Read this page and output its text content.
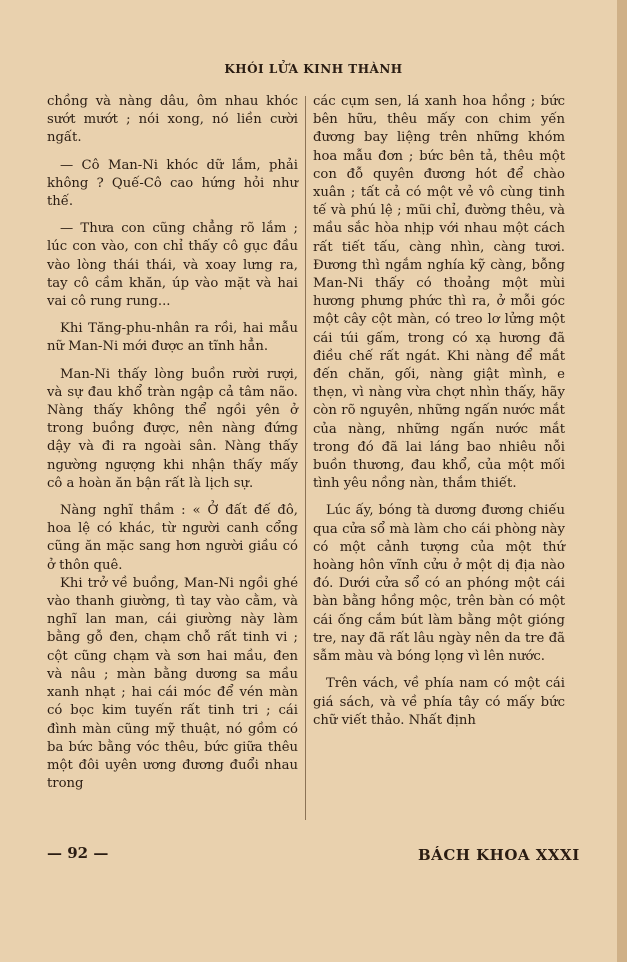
KHÓI LỬA KINH THÀNH

chồng và nàng dâu, ôm nhau khóc sướt mướt ; nói xong, nó liền cười ngất.

— Cô Man-Ni khóc dữ lắm, phải không ? Quế-Cô cao hứng hỏi như thế.

— Thưa con cũng chẳng rõ lắm ; lúc con vào, con chỉ thấy cô gục đầu vào lòng thái thái, và xoay lưng ra, tay cô cầm khăn, úp vào mặt và hai vai cô rung rung...

Khi Tăng-phu-nhân ra rồi, hai mẫu nữ Man-Ni mới được an tĩnh hẳn.

Man-Ni thấy lòng buồn rười rượi, và sự đau khổ tràn ngập cả tâm não. Nàng thấy không thể ngồi yên ở trong buồng được, nên nàng đứng dậy và đi ra ngoài sân. Nàng thấy ngường ngượng khi nhận thấy mấy cô a hoàn ăn bận rất là lịch sự.

Nàng nghĩ thầm : « Ở đất đế đô, hoa lệ có khác, từ người canh cổng cũng ăn mặc sang hơn người giầu có ở thôn quê.

Khi trở về buồng, Man-Ni ngồi ghé vào thanh giường, tì tay vào cằm, và nghĩ lan man, cái giường này làm bằng gỗ đen, chạm chỗ rất tinh vi ; cột cũng chạm và sơn hai mầu, đen và nâu ; màn bằng dương sa mầu xanh nhạt ; hai cái móc để vén màn có bọc kim tuyến rất tinh tri ; cái đình màn cũng mỹ thuật, nó gồm có ba bức bằng vóc thêu, bức giữa thêu một đôi uyên ương đương đuổi nhau trong

các cụm sen, lá xanh hoa hồng ; bức bên hữu, thêu mấy con chim yến đương bay liệng trên những khóm hoa mẫu đơn ; bức bên tả, thêu một con đỗ quyên đương hót để chào xuân ; tất cả có một vẻ vô cùng tinh tế và phú lệ ; mũi chỉ, đường thêu, và mầu sắc hòa nhịp với nhau một cách rất tiết tấu, càng nhìn, càng tươi. Đương thì ngắm nghía kỹ càng, bỗng Man-Ni thấy có thoảng một mùi hương phưng phức thì ra, ở mỗi góc một cây cột màn, có treo lơ lửng một cái túi gấm, trong có xạ hương đã điều chế rất ngát. Khi nàng để mắt đến chăn, gối, nàng giật mình, e thẹn, vì nàng vừa chợt nhìn thấy, hãy còn rõ nguyên, những ngấn nước mắt của nàng, những ngấn nước mắt trong đó đã lai láng bao nhiêu nỗi buồn thương, đau khổ, của một mối tình yêu nồng nàn, thắm thiết.

Lúc ấy, bóng tà dương đương chiếu qua cửa sổ mà làm cho cái phòng này có một cảnh tượng của một thứ hoàng hôn vĩnh cửu ở một dị địa nào đó. Dưới cửa sổ có an phóng một cái bàn bằng hồng mộc, trên bàn có một cái ống cắm bút làm bằng một gióng tre, nay đã rất lâu ngày nên da tre đã sẫm màu và bóng lọng vì lên nước.

Trên vách, về phía nam có một cái giá sách, và về phía tây có mấy bức chữ viết thảo. Nhất định

— 92 —	BÁCH KHOA XXXI
